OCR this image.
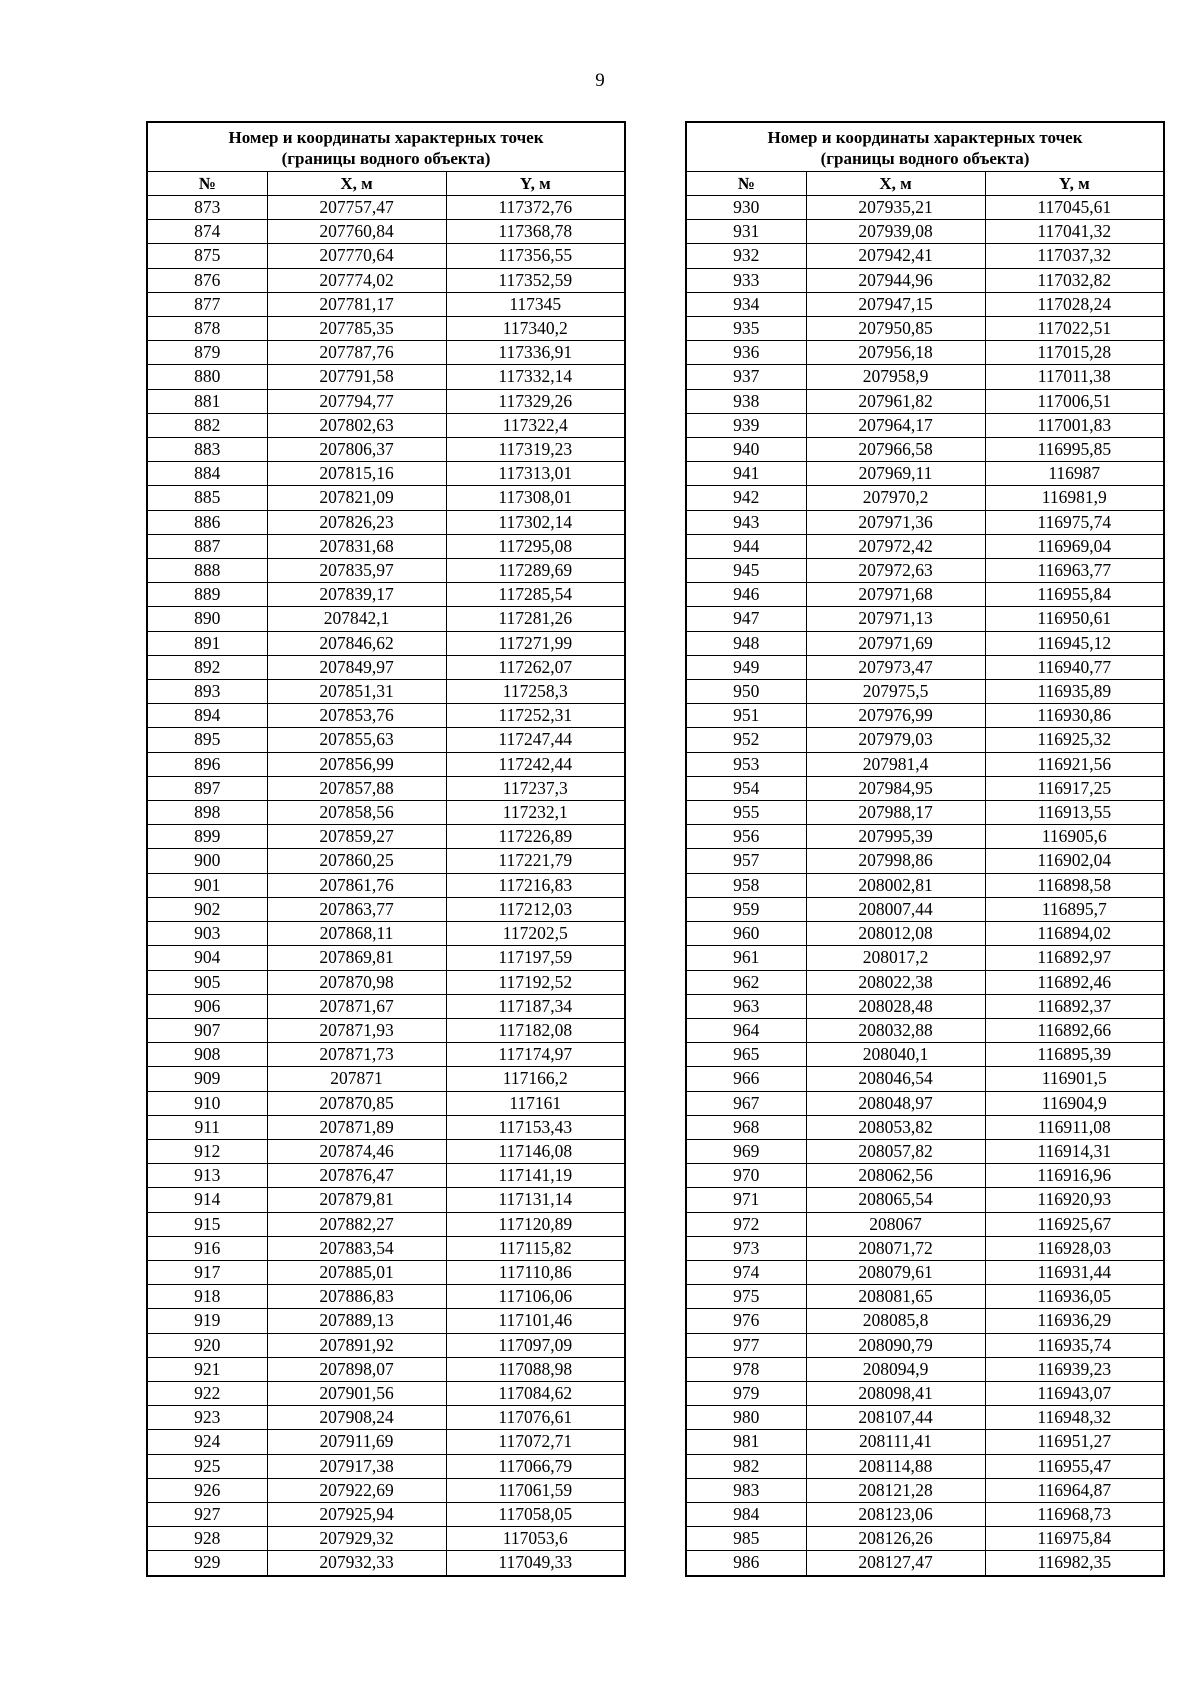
9
Номер и координаты характерных точек
(границы водного объекта)		
№	X, м	Y, м
873	207757,47	117372,76
874	207760,84	117368,78
875	207770,64	117356,55
876	207774,02	117352,59
877	207781,17	117345
878	207785,35	117340,2
879	207787,76	117336,91
880	207791,58	117332,14
881	207794,77	117329,26
882	207802,63	117322,4
883	207806,37	117319,23
884	207815,16	117313,01
885	207821,09	117308,01
886	207826,23	117302,14
887	207831,68	117295,08
888	207835,97	117289,69
889	207839,17	117285,54
890	207842,1	117281,26
891	207846,62	117271,99
892	207849,97	117262,07
893	207851,31	117258,3
894	207853,76	117252,31
895	207855,63	117247,44
896	207856,99	117242,44
897	207857,88	117237,3
898	207858,56	117232,1
899	207859,27	117226,89
900	207860,25	117221,79
901	207861,76	117216,83
902	207863,77	117212,03
903	207868,11	117202,5
904	207869,81	117197,59
905	207870,98	117192,52
906	207871,67	117187,34
907	207871,93	117182,08
908	207871,73	117174,97
909	207871	117166,2
910	207870,85	117161
911	207871,89	117153,43
912	207874,46	117146,08
913	207876,47	117141,19
914	207879,81	117131,14
915	207882,27	117120,89
916	207883,54	117115,82
917	207885,01	117110,86
918	207886,83	117106,06
919	207889,13	117101,46
920	207891,92	117097,09
921	207898,07	117088,98
922	207901,56	117084,62
923	207908,24	117076,61
924	207911,69	117072,71
925	207917,38	117066,79
926	207922,69	117061,59
927	207925,94	117058,05
928	207929,32	117053,6
929	207932,33	117049,33
Номер и координаты характерных точек
(границы водного объекта)		
№	X, м	Y, м
930	207935,21	117045,61
931	207939,08	117041,32
932	207942,41	117037,32
933	207944,96	117032,82
934	207947,15	117028,24
935	207950,85	117022,51
936	207956,18	117015,28
937	207958,9	117011,38
938	207961,82	117006,51
939	207964,17	117001,83
940	207966,58	116995,85
941	207969,11	116987
942	207970,2	116981,9
943	207971,36	116975,74
944	207972,42	116969,04
945	207972,63	116963,77
946	207971,68	116955,84
947	207971,13	116950,61
948	207971,69	116945,12
949	207973,47	116940,77
950	207975,5	116935,89
951	207976,99	116930,86
952	207979,03	116925,32
953	207981,4	116921,56
954	207984,95	116917,25
955	207988,17	116913,55
956	207995,39	116905,6
957	207998,86	116902,04
958	208002,81	116898,58
959	208007,44	116895,7
960	208012,08	116894,02
961	208017,2	116892,97
962	208022,38	116892,46
963	208028,48	116892,37
964	208032,88	116892,66
965	208040,1	116895,39
966	208046,54	116901,5
967	208048,97	116904,9
968	208053,82	116911,08
969	208057,82	116914,31
970	208062,56	116916,96
971	208065,54	116920,93
972	208067	116925,67
973	208071,72	116928,03
974	208079,61	116931,44
975	208081,65	116936,05
976	208085,8	116936,29
977	208090,79	116935,74
978	208094,9	116939,23
979	208098,41	116943,07
980	208107,44	116948,32
981	208111,41	116951,27
982	208114,88	116955,47
983	208121,28	116964,87
984	208123,06	116968,73
985	208126,26	116975,84
986	208127,47	116982,35
